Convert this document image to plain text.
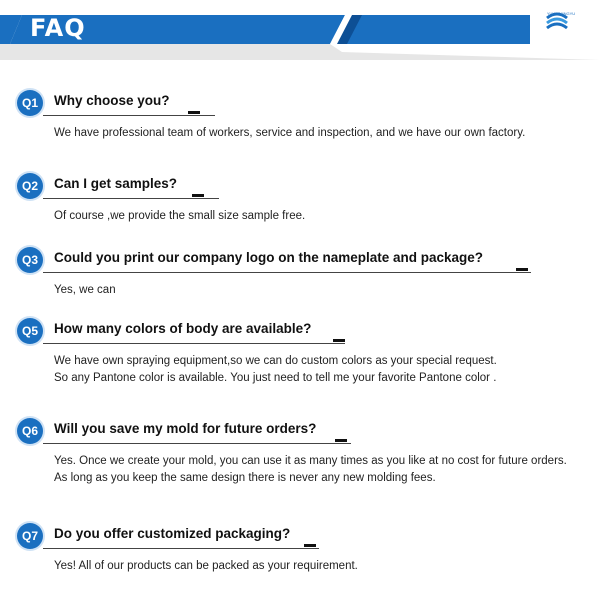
FAQ
YUYAOJINGYU
Q1	Why choose you?

We have professional team of workers, service and inspection, and we have our own factory.

Q2	Can I get samples?

Of course ,we provide the small size sample free.

Q3	Could you print our company logo on the nameplate and package?

Yes, we can

Q5	How many colors of body are available?

We have own spraying equipment,so we can do custom colors as your special request.

So any Pantone color is available. You just need to tell me your favorite Pantone color .

Q6	Will you save my mold for future orders?

Yes. Once we create your mold, you can use it as many times as you like at no cost for future orders.

As long as you keep the same design there is never any new molding fees.

Q7	Do you offer customized packaging?

Yes! All of our products can be packed as your requirement.
